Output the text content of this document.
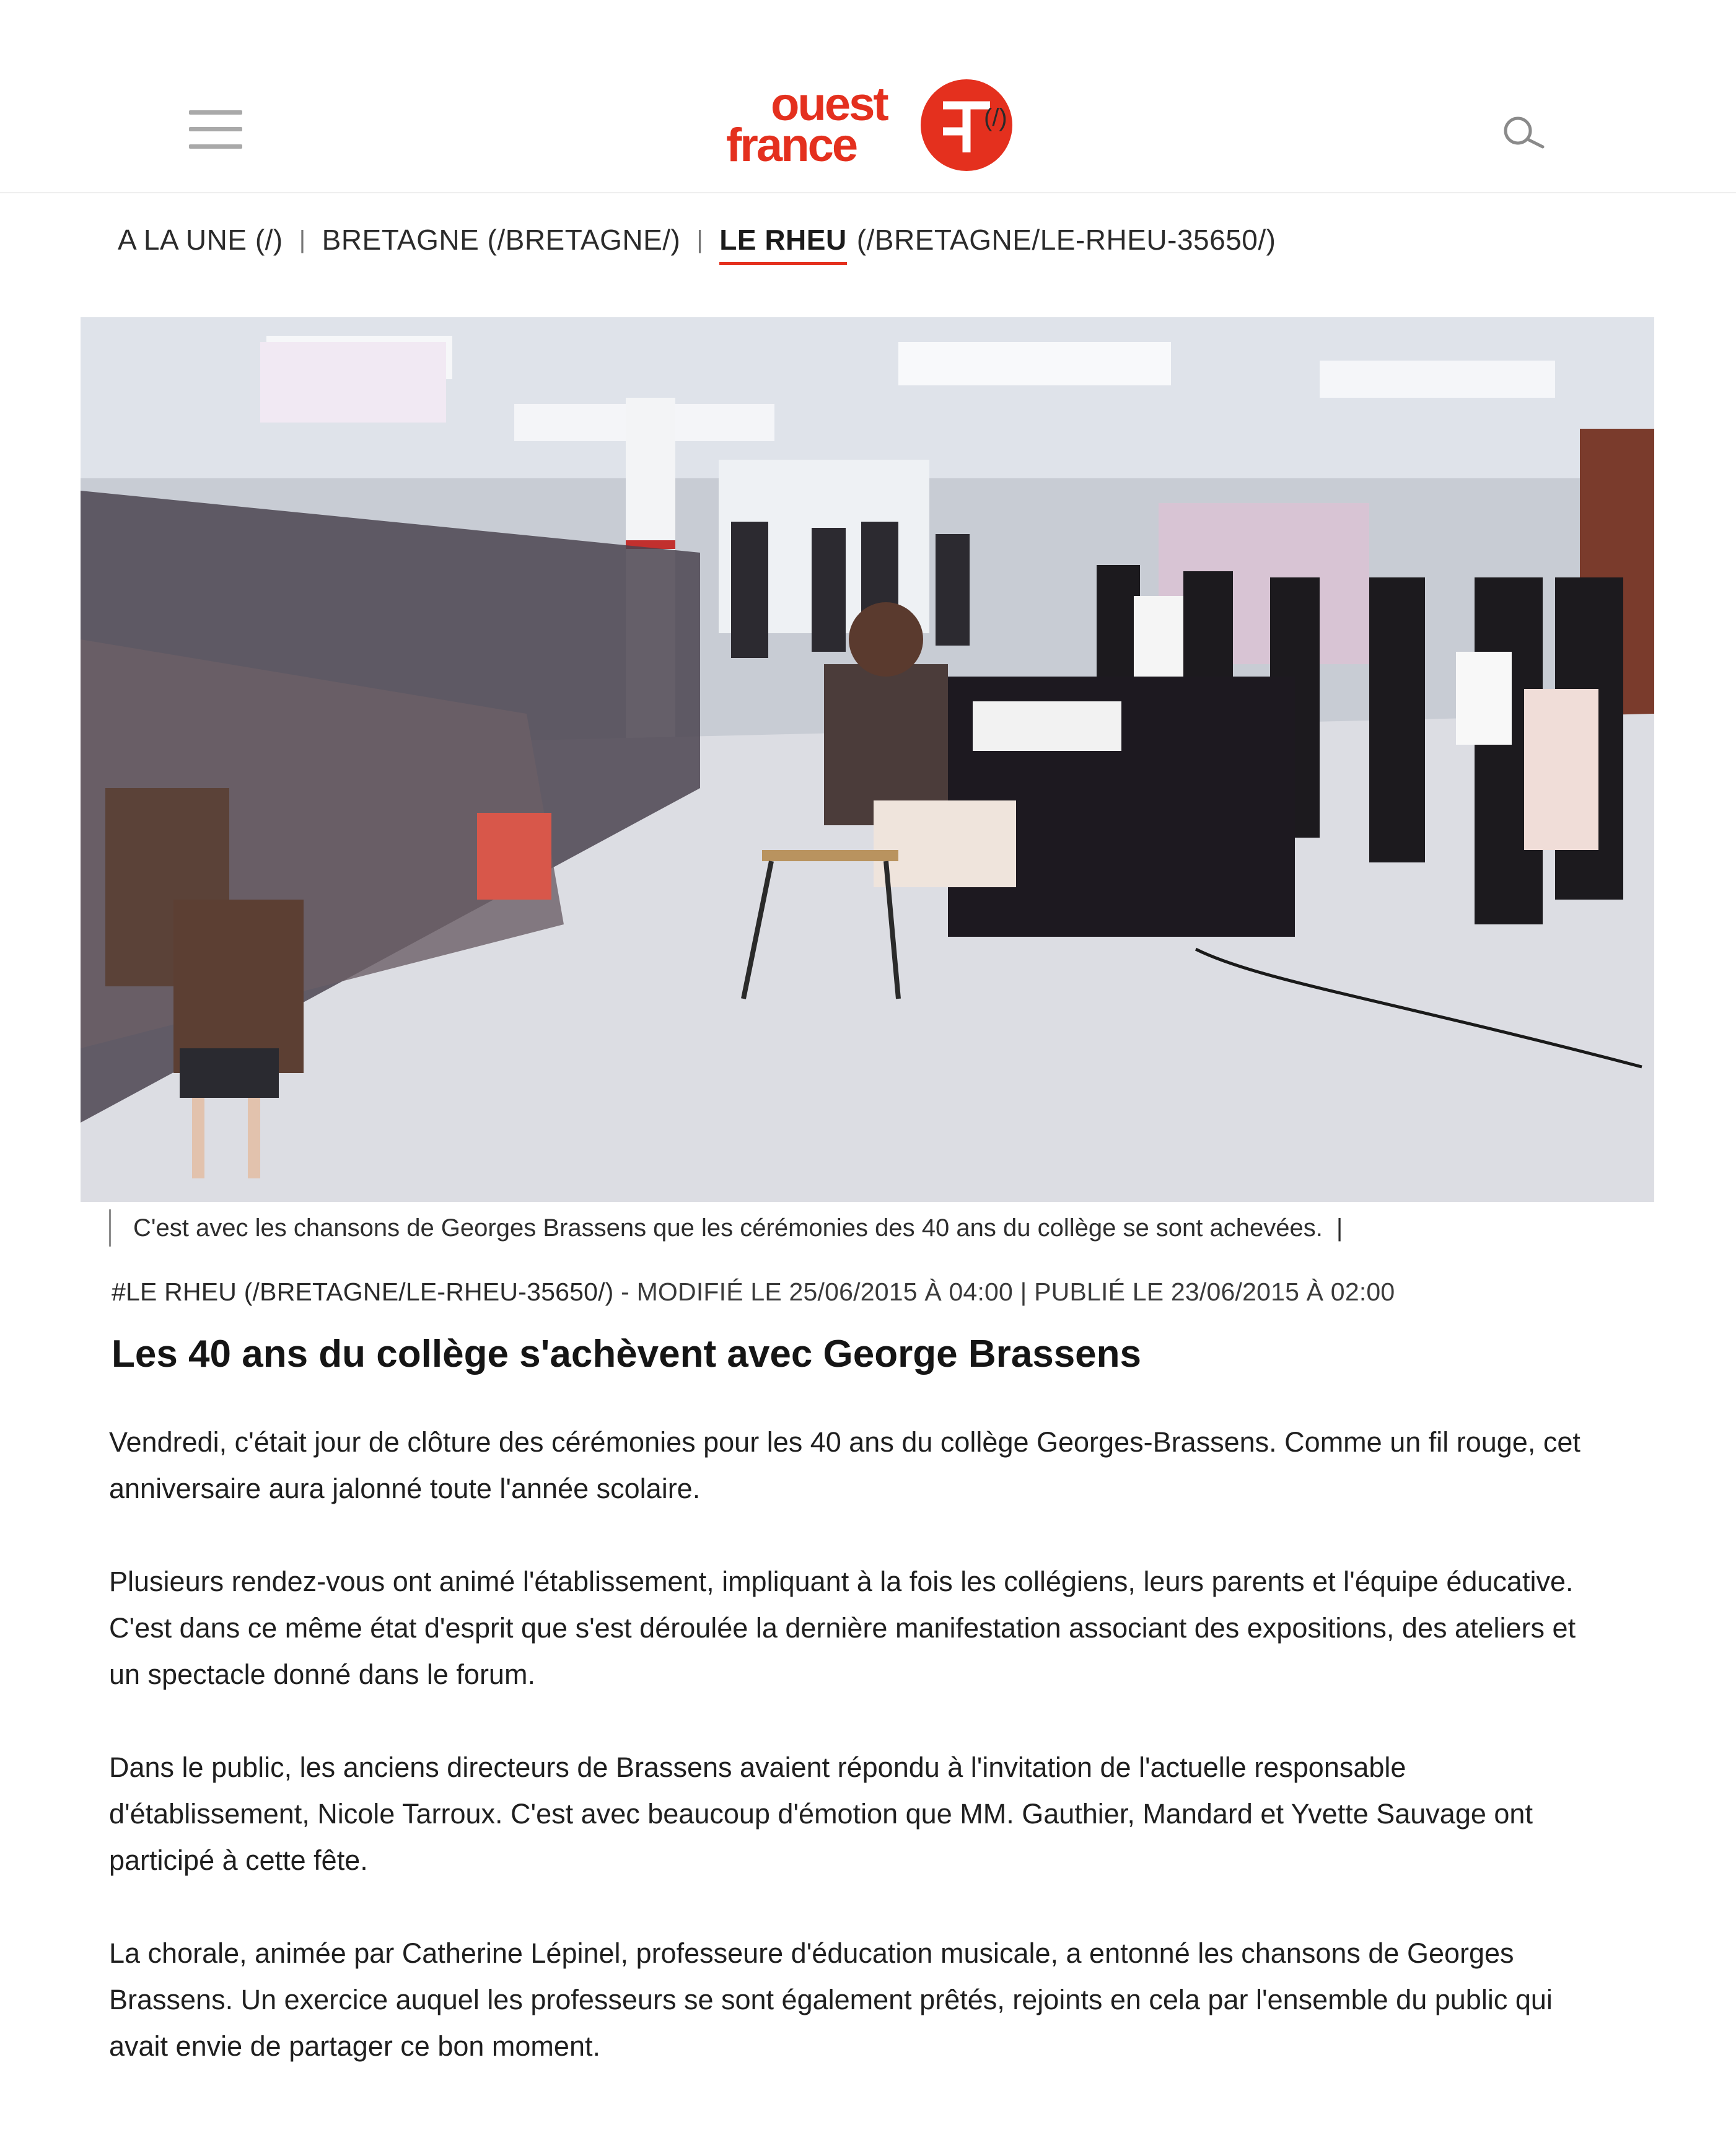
ouest
france
(/)
A LA UNE (/) | BRETAGNE (/BRETAGNE/) | LE RHEU (/BRETAGNE/LE-RHEU-35650/)
C'est avec les chansons de Georges Brassens que les cérémonies des 40 ans du collège se sont achevées. |
#LE RHEU (/BRETAGNE/LE-RHEU-35650/) - MODIFIÉ LE 25/06/2015 À 04:00 | PUBLIÉ LE 23/06/2015 À 02:00
Les 40 ans du collège s'achèvent avec George Brassens

Vendredi, c'était jour de clôture des cérémonies pour les 40 ans du collège Georges-Brassens. Comme un fil rouge, cet anniversaire aura jalonné toute l'année scolaire.

Plusieurs rendez-vous ont animé l'établissement, impliquant à la fois les collégiens, leurs parents et l'équipe éducative. C'est dans ce même état d'esprit que s'est déroulée la dernière manifestation associant des expositions, des ateliers et un spectacle donné dans le forum.

Dans le public, les anciens directeurs de Brassens avaient répondu à l'invitation de l'actuelle responsable d'établissement, Nicole Tarroux. C'est avec beaucoup d'émotion que MM. Gauthier, Mandard et Yvette Sauvage ont participé à cette fête.

La chorale, animée par Catherine Lépinel, professeure d'éducation musicale, a entonné les chansons de Georges Brassens. Un exercice auquel les professeurs se sont également prêtés, rejoints en cela par l'ensemble du public qui avait envie de partager ce bon moment.
